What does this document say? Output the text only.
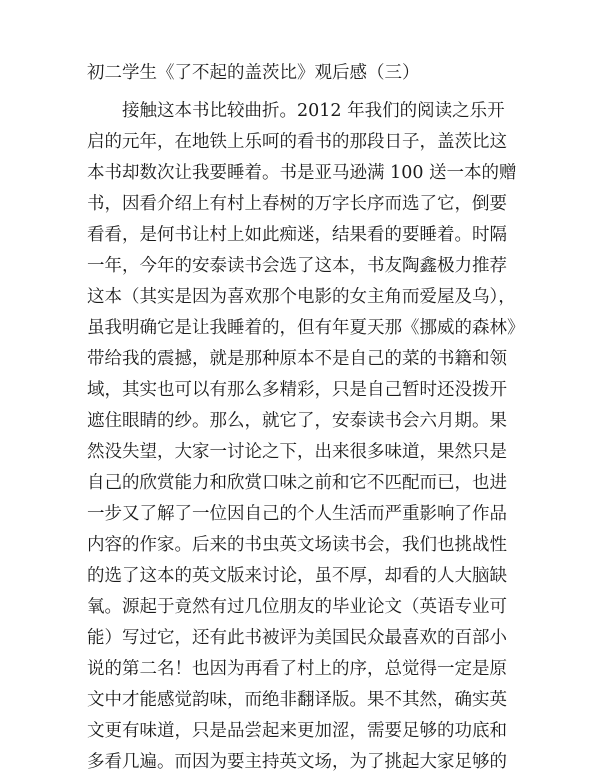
初二学生《了不起的盖茨比》观后感（三）
接触这本书比较曲折。2012 年我们的阅读之乐开
启的元年，在地铁上乐呵的看书的那段日子，盖茨比这
本书却数次让我要睡着。书是亚马逊满 100 送一本的赠
书，因看介绍上有村上春树的万字长序而选了它，倒要
看看，是何书让村上如此痴迷，结果看的要睡着。时隔
一年，今年的安泰读书会选了这本，书友陶鑫极力推荐
这本（其实是因为喜欢那个电影的女主角而爱屋及乌），
虽我明确它是让我睡着的，但有年夏天那《挪威的森林》
带给我的震撼，就是那种原本不是自己的菜的书籍和领
域，其实也可以有那么多精彩，只是自己暂时还没拨开
遮住眼睛的纱。那么，就它了，安泰读书会六月期。果
然没失望，大家一讨论之下，出来很多味道，果然只是
自己的欣赏能力和欣赏口味之前和它不匹配而已，也进
一步又了解了一位因自己的个人生活而严重影响了作品
内容的作家。后来的书虫英文场读书会，我们也挑战性
的选了这本的英文版来讨论，虽不厚，却看的人大脑缺
氧。源起于竟然有过几位朋友的毕业论文（英语专业可
能）写过它，还有此书被评为美国民众最喜欢的百部小
说的第二名！也因为再看了村上的序，总觉得一定是原
文中才能感觉韵味，而绝非翻译版。果不其然，确实英
文更有味道，只是品尝起来更加涩，需要足够的功底和
多看几遍。而因为要主持英文场，为了挑起大家足够的
